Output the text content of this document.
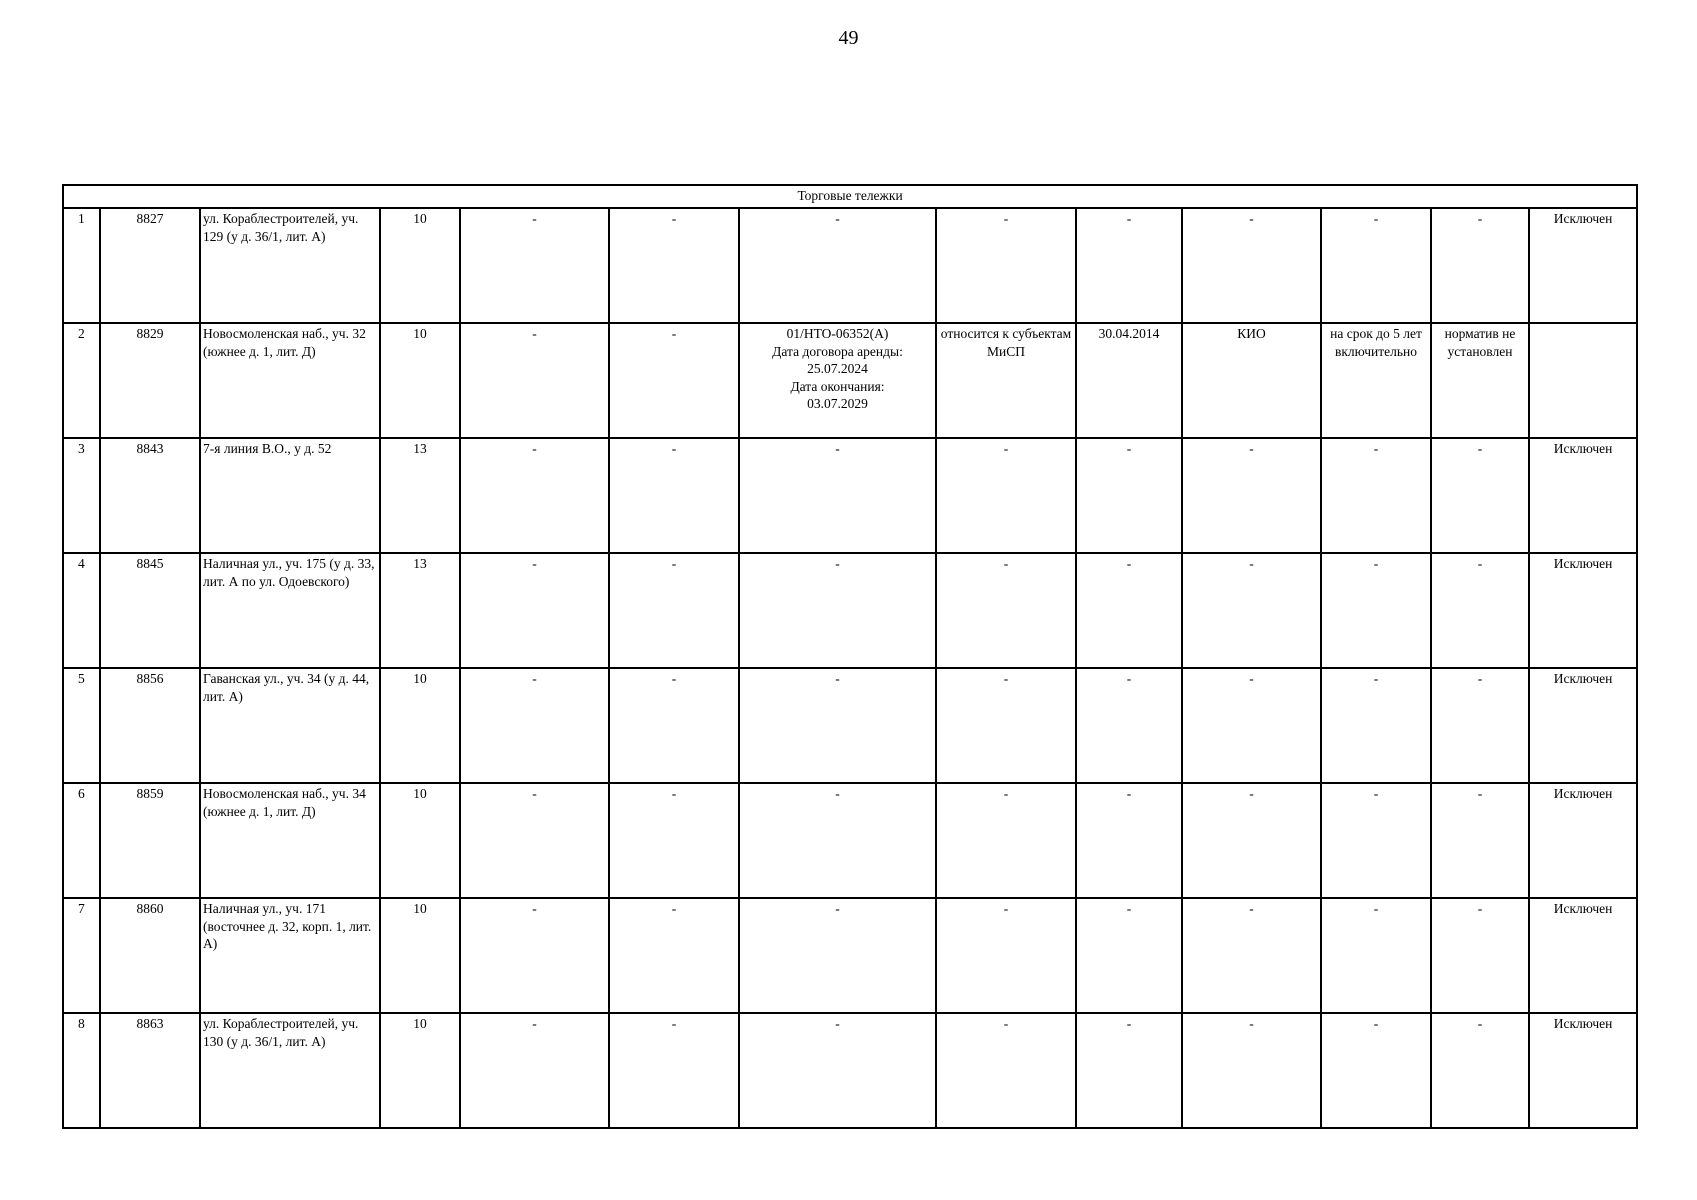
49
Торговые тележки												
1	8827	ул. Кораблестроителей, уч. 129 (у д. 36/1, лит. А)	10	-	-	-	-	-	-	-	-	Исключен
2	8829	Новосмоленская наб., уч. 32 (южнее д. 1, лит. Д)	10	-	-	01/НТО-06352(А)
Дата договора аренды:
25.07.2024
Дата окончания:
03.07.2029	относится к субъектам МиСП	30.04.2014	КИО	на срок до 5 лет включительно	норматив не установлен	
3	8843	7-я линия В.О., у д. 52	13	-	-	-	-	-	-	-	-	Исключен
4	8845	Наличная ул., уч. 175 (у д. 33, лит. А по ул. Одоевского)	13	-	-	-	-	-	-	-	-	Исключен
5	8856	Гаванская ул., уч. 34 (у д. 44, лит. А)	10	-	-	-	-	-	-	-	-	Исключен
6	8859	Новосмоленская наб., уч. 34 (южнее д. 1, лит. Д)	10	-	-	-	-	-	-	-	-	Исключен
7	8860	Наличная ул., уч. 171 (восточнее д. 32, корп. 1, лит. А)	10	-	-	-	-	-	-	-	-	Исключен
8	8863	ул. Кораблестроителей, уч. 130 (у д. 36/1, лит. А)	10	-	-	-	-	-	-	-	-	Исключен
